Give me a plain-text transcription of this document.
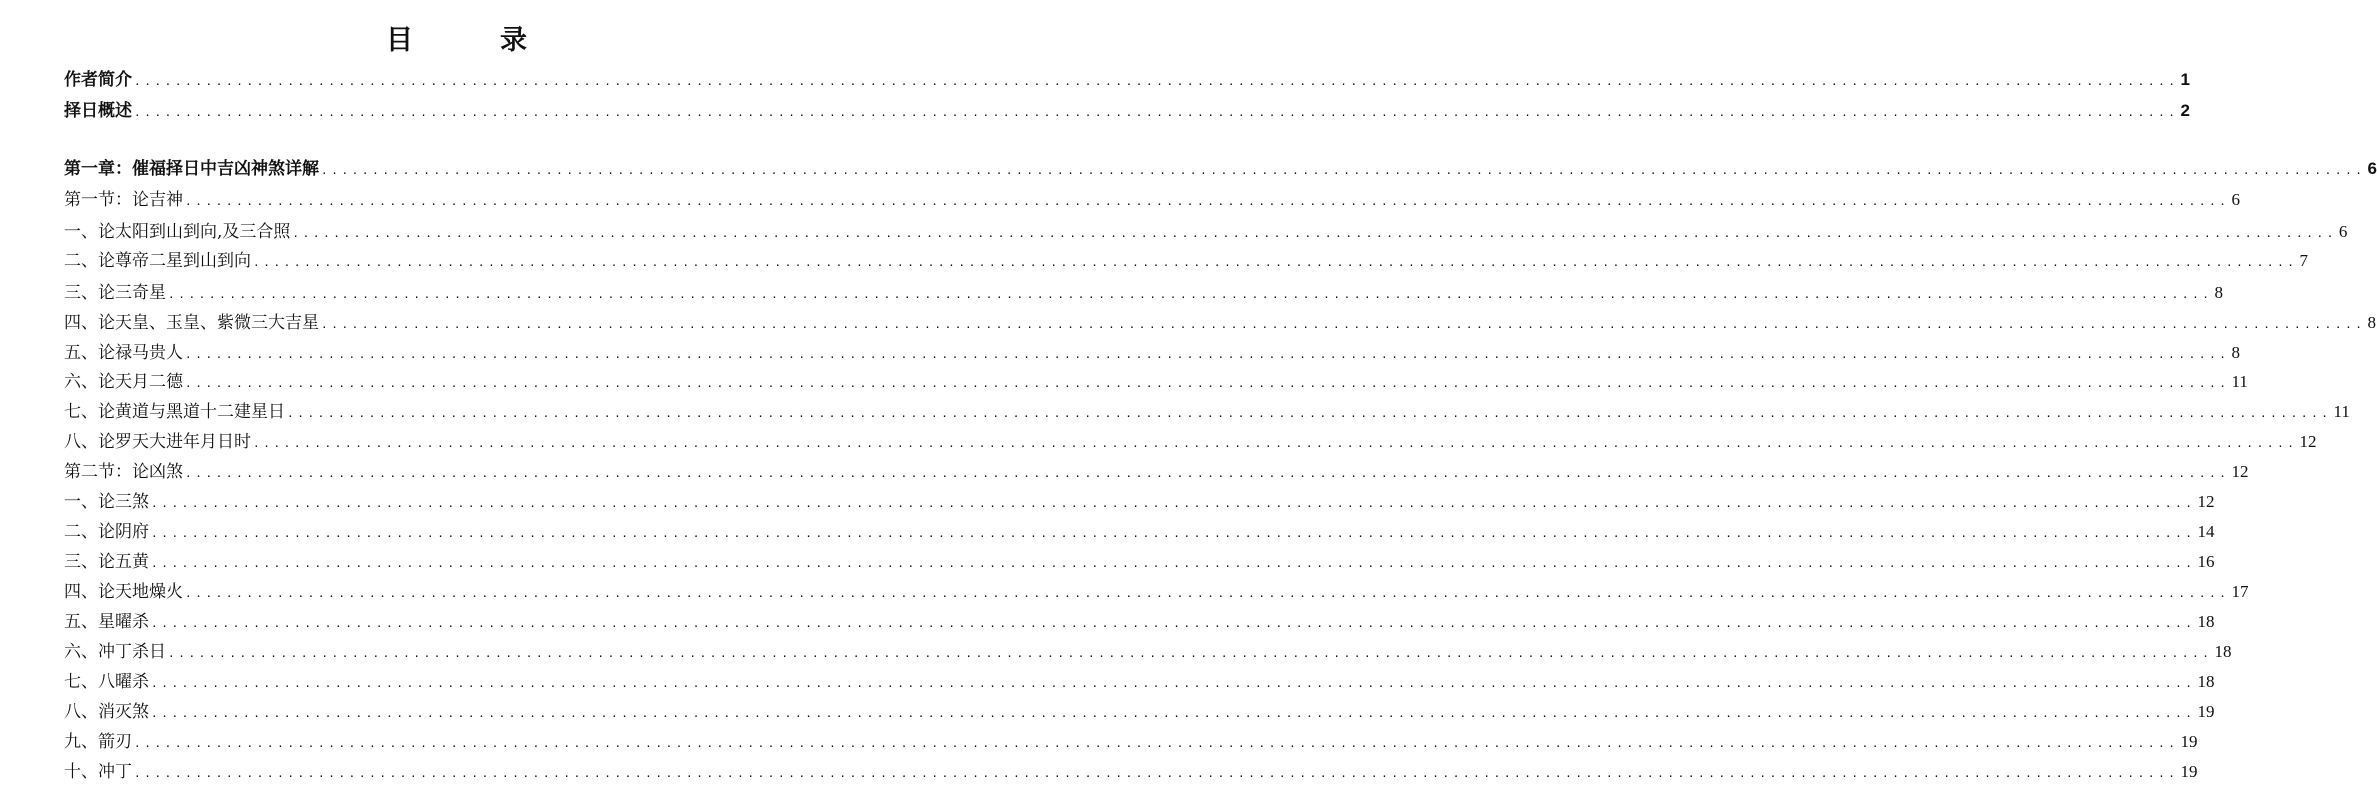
目　录
作者简介 ........................................................................................................................................................................................................ 1
择日概述 ........................................................................................................................................................................................................ 2
第一章：催福择日中吉凶神煞详解 ........................................................................................................................................................................................................ 6
第一节：论吉神 ........................................................................................................................................................................................................ 6
一、论太阳到山到向,及三合照 ........................................................................................................................................................................................................ 6
二、论尊帝二星到山到向 ........................................................................................................................................................................................................ 7
三、论三奇星 ........................................................................................................................................................................................................ 8
四、论天皇、玉皇、紫微三大吉星 ........................................................................................................................................................................................................ 8
五、论禄马贵人 ........................................................................................................................................................................................................ 8
六、论天月二德 ........................................................................................................................................................................................................ 11
七、论黄道与黑道十二建星日 ........................................................................................................................................................................................................ 11
八、论罗天大进年月日时 ........................................................................................................................................................................................................ 12
第二节：论凶煞 ........................................................................................................................................................................................................ 12
一、 论三煞 ........................................................................................................................................................................................................ 12
二、 论阴府 ........................................................................................................................................................................................................ 14
三、 论五黄 ........................................................................................................................................................................................................ 16
四、 论天地燥火 ........................................................................................................................................................................................................ 17
五、 星曜杀 ........................................................................................................................................................................................................ 18
六、 冲丁杀日 ........................................................................................................................................................................................................ 18
七、 八曜杀 ........................................................................................................................................................................................................ 18
八、 消灭煞 ........................................................................................................................................................................................................ 19
九、 箭刃 ........................................................................................................................................................................................................ 19
十、 冲丁 ........................................................................................................................................................................................................ 19
